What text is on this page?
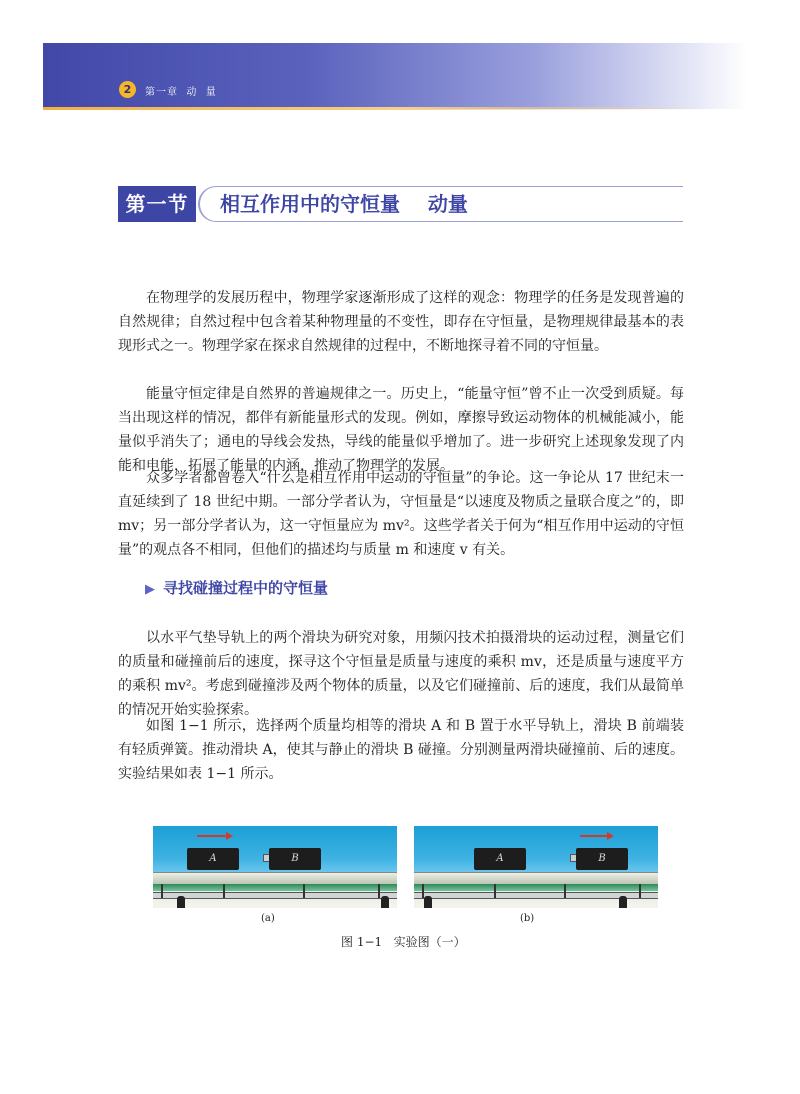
2	第一章  动  量
第一节	相互作用中的守恒量    动量

在物理学的发展历程中，物理学家逐渐形成了这样的观念：物理学的任务是发现普遍的自然规律；自然过程中包含着某种物理量的不变性，即存在守恒量，是物理规律最基本的表现形式之一。物理学家在探求自然规律的过程中，不断地探寻着不同的守恒量。

能量守恒定律是自然界的普遍规律之一。历史上，“能量守恒”曾不止一次受到质疑。每当出现这样的情况，都伴有新能量形式的发现。例如，摩擦导致运动物体的机械能减小，能量似乎消失了；通电的导线会发热，导线的能量似乎增加了。进一步研究上述现象发现了内能和电能，拓展了能量的内涵，推动了物理学的发展。

众多学者都曾卷入“什么是相互作用中运动的守恒量”的争论。这一争论从 17 世纪末一直延续到了 18 世纪中期。一部分学者认为，守恒量是“以速度及物质之量联合度之”的，即 mv；另一部分学者认为，这一守恒量应为 mv²。这些学者关于何为“相互作用中运动的守恒量”的观点各不相同，但他们的描述均与质量 m 和速度 v 有关。

▶ 寻找碰撞过程中的守恒量

以水平气垫导轨上的两个滑块为研究对象，用频闪技术拍摄滑块的运动过程，测量它们的质量和碰撞前后的速度，探寻这个守恒量是质量与速度的乘积 mv，还是质量与速度平方的乘积 mv²。考虑到碰撞涉及两个物体的质量，以及它们碰撞前、后的速度，我们从最简单的情况开始实验探索。

如图 1−1 所示，选择两个质量均相等的滑块 A 和 B 置于水平导轨上，滑块 B 前端装有轻质弹簧。推动滑块 A，使其与静止的滑块 B 碰撞。分别测量两滑块碰撞前、后的速度。实验结果如表 1−1 所示。

A	B	A	B
(a)	(b)
图 1−1   实验图（一）
